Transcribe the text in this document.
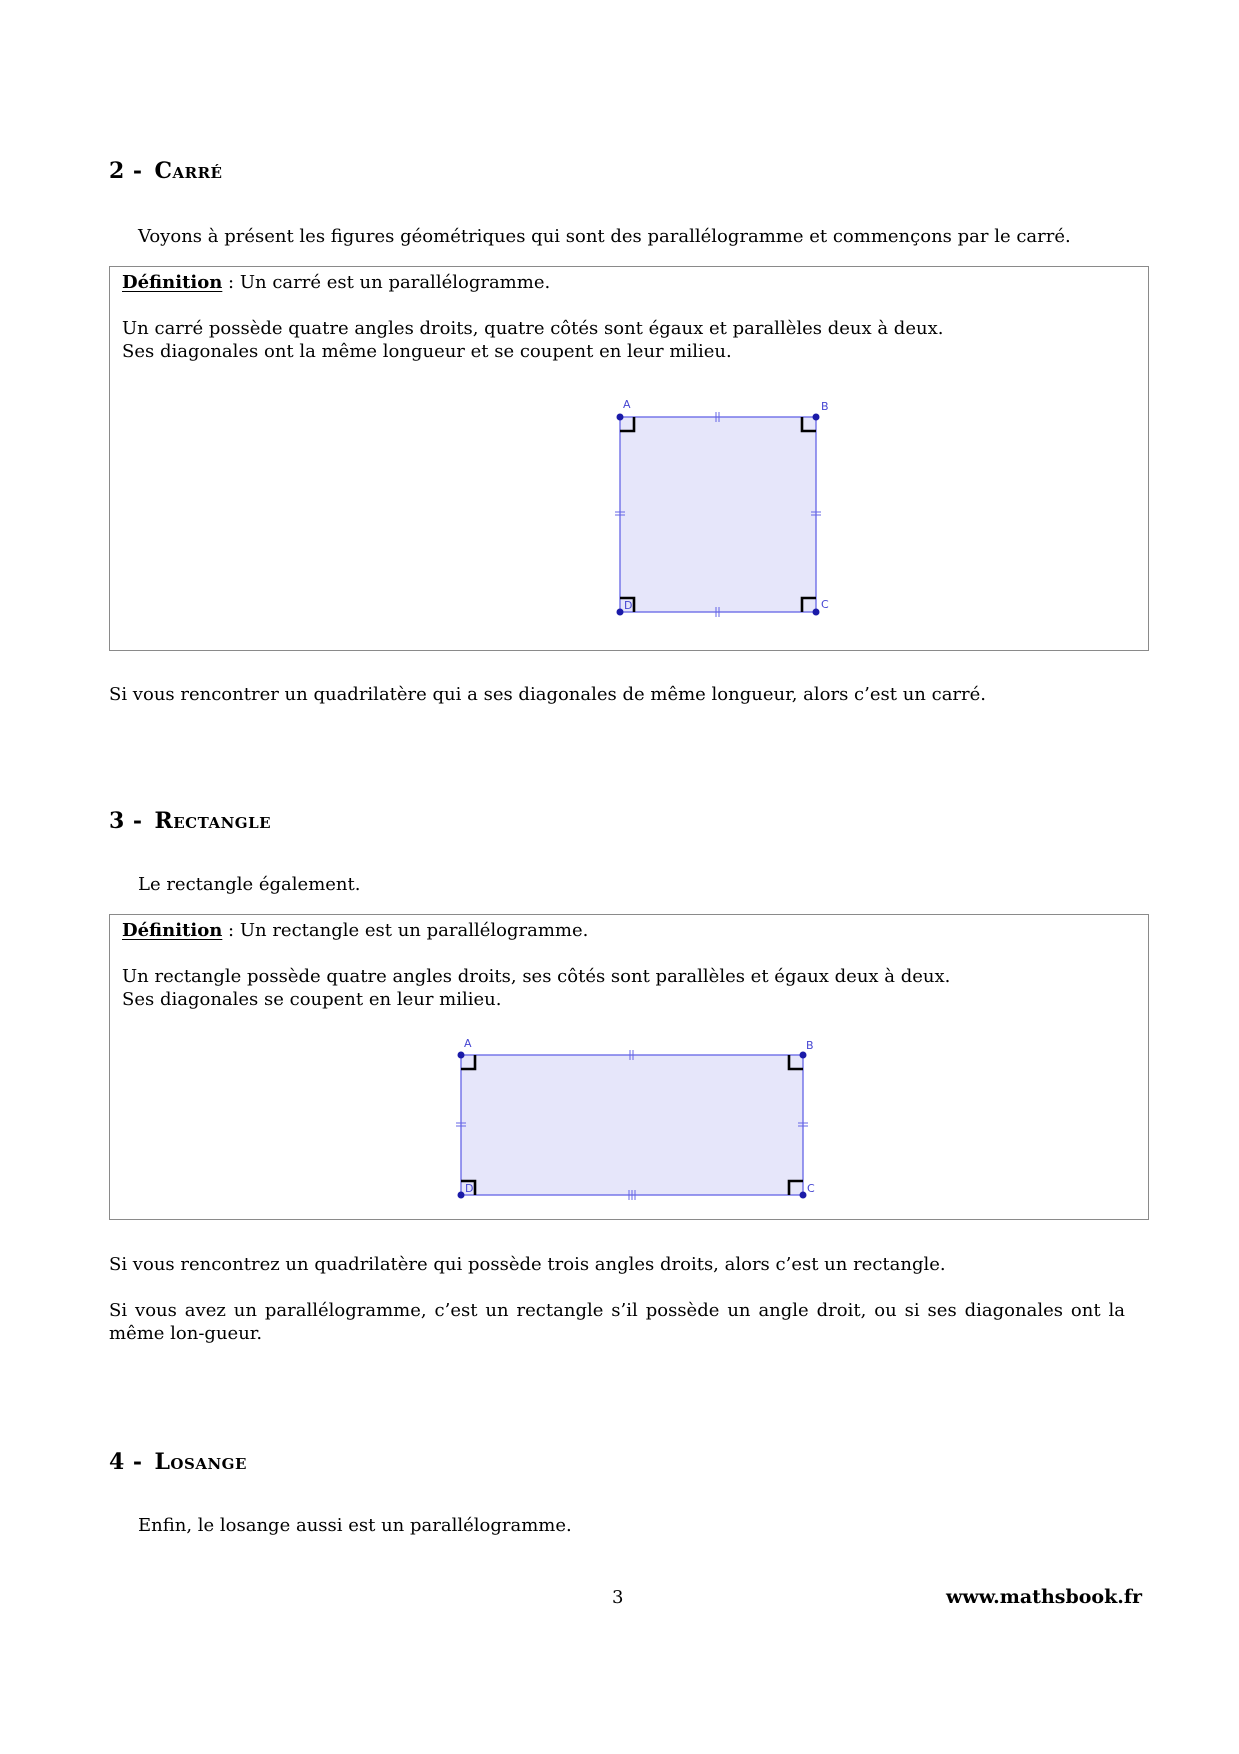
2 - Carré
Voyons à présent les figures géométriques qui sont des parallélogramme et commençons par le carré.
Définition : Un carré est un parallélogramme.
Un carré possède quatre angles droits, quatre côtés sont égaux et parallèles deux à deux.
Ses diagonales ont la même longueur et se coupent en leur milieu.
A	B
C
D
Si vous rencontrer un quadrilatère qui a ses diagonales de même longueur, alors c’est un carré.
3 - Rectangle
Le rectangle également.
Définition : Un rectangle est un parallélogramme.
Un rectangle possède quatre angles droits, ses côtés sont parallèles et égaux deux à deux.
Ses diagonales se coupent en leur milieu.
A	B
C
D
Si vous rencontrez un quadrilatère qui possède trois angles droits, alors c’est un rectangle.
Si vous avez un parallélogramme, c’est un rectangle s’il possède un angle droit, ou si ses diagonales ont la même lon-gueur.
4 - Losange
Enfin, le losange aussi est un parallélogramme.
3	www.mathsbook.fr
